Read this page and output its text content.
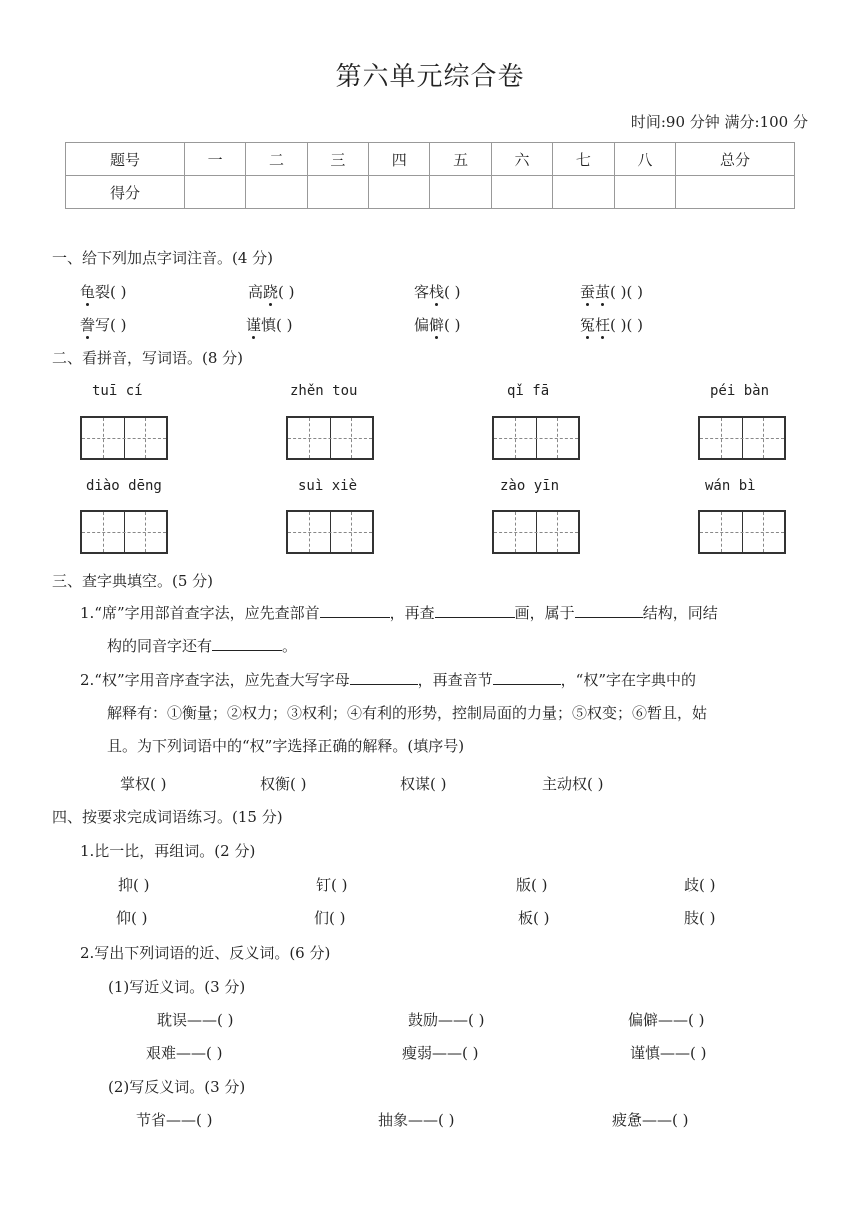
第六单元综合卷
时间:90 分钟 满分:100 分
题号	一	二	三	四	五	六	七	八	总分
得分									
一、给下列加点字词注音。(4 分)
龟裂( )	高跷( )	客栈( )	蚕茧( )( )
誊写( )	谨慎( )	偏僻( )	冤枉( )( )
二、看拼音，写词语。(8 分)
tuī cí	zhěn tou	qǐ fā	péi bàn
diào dēng	suì xiè	zào yīn	wán bì
三、查字典填空。(5 分)
1.“席”字用部首查字法，应先查部首	，再查	画，属于	结构，同结
构的同音字还有	。
2.“权”字用音序查字法，应先查大写字母	，再查音节	，“权”字在字典中的
解释有：①衡量；②权力；③权利；④有利的形势，控制局面的力量；⑤权变；⑥暂且，姑
且。为下列词语中的“权”字选择正确的解释。(填序号)
掌权( )	权衡( )	权谋( )	主动权( )
四、按要求完成词语练习。(15 分)
1.比一比，再组词。(2 分)
抑( )	钉( )	版( )	歧( )
仰( )	们( )	板( )	肢( )
2.写出下列词语的近、反义词。(6 分)
(1)写近义词。(3 分)
耽误——( )	鼓励——( )	偏僻——( )
艰难——( )	瘦弱——( )	谨慎——( )
(2)写反义词。(3 分)
节省——( )	抽象——( )	疲惫——( )
